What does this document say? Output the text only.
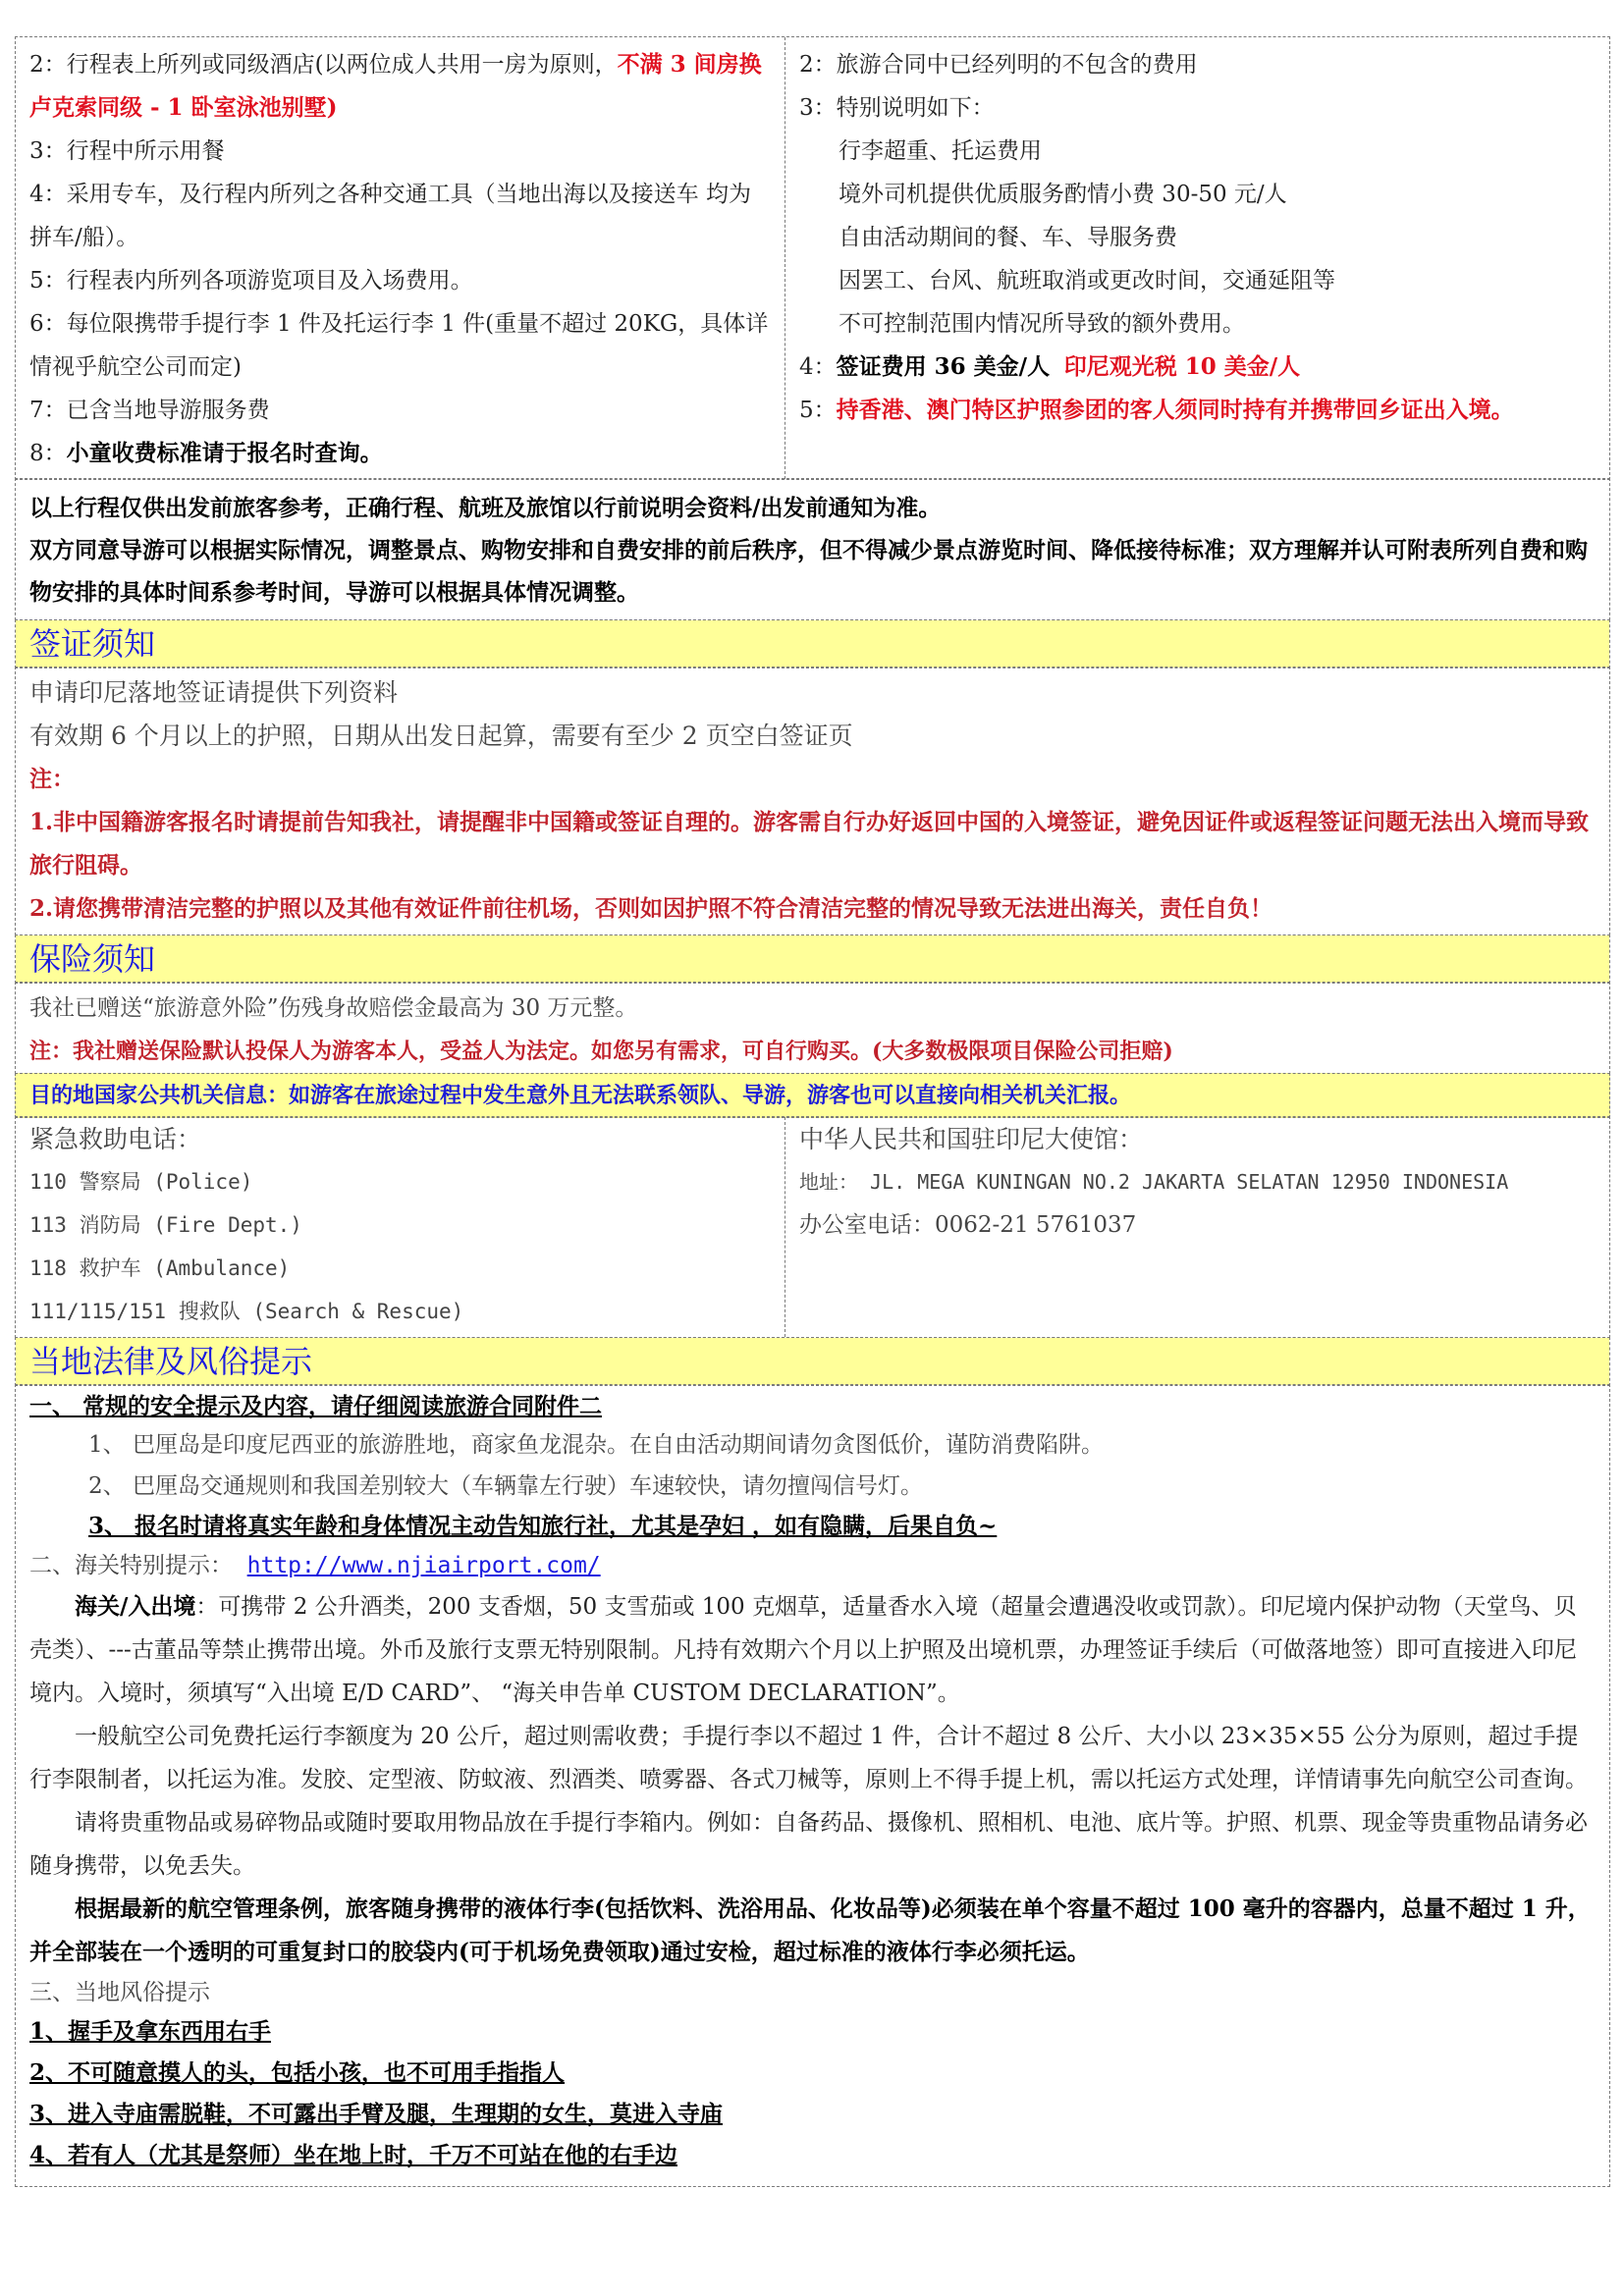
2：行程表上所列或同级酒店(以两位成人共用一房为原则，不满 3 间房换卢克索同级 - 1 卧室泳池别墅)

3：行程中所示用餐

4：采用专车，及行程内所列之各种交通工具（当地出海以及接送车 均为拼车/船）。

5：行程表内所列各项游览项目及入场费用。

6：每位限携带手提行李 1 件及托运行李 1 件(重量不超过 20KG，具体详情视乎航空公司而定)

7：已含当地导游服务费

8：小童收费标准请于报名时查询。

2：旅游合同中已经列明的不包含的费用

3：特别说明如下：

行李超重、托运费用

境外司机提供优质服务酌情小费 30-50 元/人

自由活动期间的餐、车、导服务费

因罢工、台风、航班取消或更改时间，交通延阻等

不可控制范围内情况所导致的额外费用。

4：签证费用 36 美金/人 印尼观光税 10 美金/人

5：持香港、澳门特区护照参团的客人须同时持有并携带回乡证出入境。

以上行程仅供出发前旅客参考，正确行程、航班及旅馆以行前说明会资料/出发前通知为准。

双方同意导游可以根据实际情况，调整景点、购物安排和自费安排的前后秩序，但不得减少景点游览时间、降低接待标准；双方理解并认可附表所列自费和购物安排的具体时间系参考时间，导游可以根据具体情况调整。

签证须知

申请印尼落地签证请提供下列资料

有效期 6 个月以上的护照，日期从出发日起算，需要有至少 2 页空白签证页

注：

1.非中国籍游客报名时请提前告知我社，请提醒非中国籍或签证自理的。游客需自行办好返回中国的入境签证，避免因证件或返程签证问题无法出入境而导致旅行阻碍。

2.请您携带清洁完整的护照以及其他有效证件前往机场，否则如因护照不符合清洁完整的情况导致无法进出海关，责任自负！

保险须知

我社已赠送“旅游意外险”伤残身故赔偿金最高为 30 万元整。

注：我社赠送保险默认投保人为游客本人，受益人为法定。如您另有需求，可自行购买。(大多数极限项目保险公司拒赔)

目的地国家公共机关信息：如游客在旅途过程中发生意外且无法联系领队、导游，游客也可以直接向相关机关汇报。

紧急救助电话：

110 警察局 (Police)

113 消防局 (Fire Dept.)

118 救护车 (Ambulance)

111/115/151 搜救队 (Search & Rescue)

中华人民共和国驻印尼大使馆：

地址： JL. MEGA KUNINGAN NO.2 JAKARTA SELATAN 12950 INDONESIA

办公室电话：0062-21 5761037

当地法律及风俗提示

一、 常规的安全提示及内容，请仔细阅读旅游合同附件二

1、 巴厘岛是印度尼西亚的旅游胜地，商家鱼龙混杂。在自由活动期间请勿贪图低价，谨防消费陷阱。

2、 巴厘岛交通规则和我国差别较大（车辆靠左行驶）车速较快，请勿擅闯信号灯。

3、 报名时请将真实年龄和身体情况主动告知旅行社，尤其是孕妇 ，如有隐瞒，后果自负~

二、海关特别提示： http://www.njiairport.com/

海关/入出境：可携带 2 公升酒类，200 支香烟，50 支雪茄或 100 克烟草，适量香水入境（超量会遭遇没收或罚款）。印尼境内保护动物（天堂鸟、贝壳类）、---古董品等禁止携带出境。外币及旅行支票无特别限制。凡持有效期六个月以上护照及出境机票，办理签证手续后（可做落地签）即可直接进入印尼境内。入境时，须填写“入出境 E/D CARD”、 “海关申告单 CUSTOM DECLARATION”。

一般航空公司免费托运行李额度为 20 公斤，超过则需收费；手提行李以不超过 1 件，合计不超过 8 公斤、大小以 23×35×55 公分为原则，超过手提行李限制者，以托运为准。发胶、定型液、防蚊液、烈酒类、喷雾器、各式刀械等，原则上不得手提上机，需以托运方式处理，详情请事先向航空公司查询。

请将贵重物品或易碎物品或随时要取用物品放在手提行李箱内。例如：自备药品、摄像机、照相机、电池、底片等。护照、机票、现金等贵重物品请务必随身携带，以免丢失。

根据最新的航空管理条例，旅客随身携带的液体行李(包括饮料、洗浴用品、化妆品等)必须装在单个容量不超过 100 毫升的容器内，总量不超过 1 升，并全部装在一个透明的可重复封口的胶袋内(可于机场免费领取)通过安检，超过标准的液体行李必须托运。

三、当地风俗提示

1、握手及拿东西用右手

2、不可随意摸人的头，包括小孩，也不可用手指指人

3、进入寺庙需脱鞋，不可露出手臂及腿，生理期的女生，莫进入寺庙

4、若有人（尤其是祭师）坐在地上时，千万不可站在他的右手边
